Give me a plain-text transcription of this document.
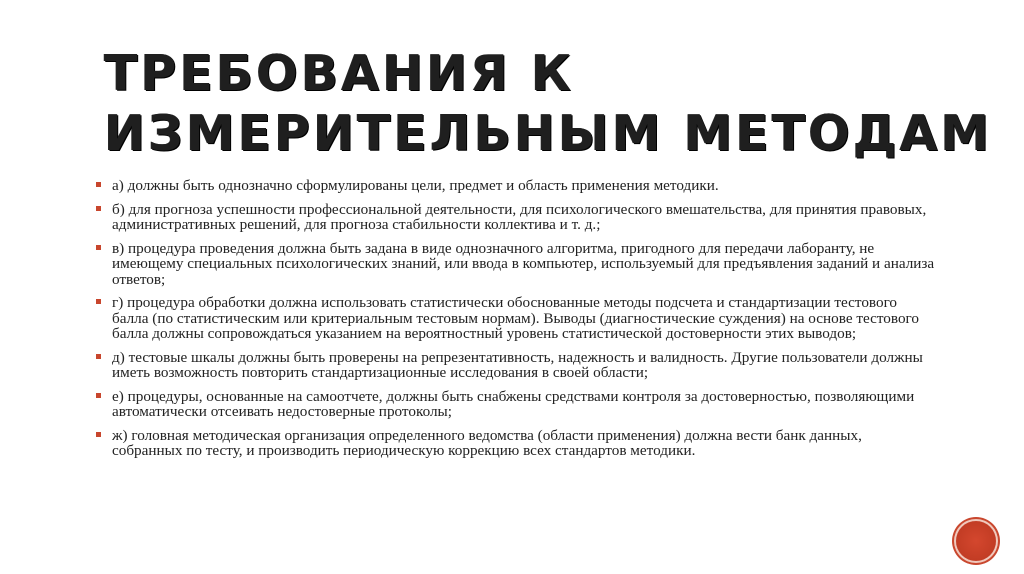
ТРЕБОВАНИЯ К
ИЗМЕРИТЕЛЬНЫМ МЕТОДАМ
а) должны быть однозначно сформулированы цели, предмет и область применения методики.
б) для прогноза успешности профессиональной деятельности, для психологического вмешательства, для принятия правовых, административных решений, для прогноза стабильности коллектива и т. д.;
в) процедура проведения должна быть задана в виде однозначного алгоритма, пригодного для передачи лаборанту, не имеющему специальных психологических знаний, или ввода в компьютер, используемый для предъявления заданий и анализа ответов;
г) процедура обработки должна использовать статистически обоснованные методы подсчета и стандартизации тестового балла (по статистическим или критериальным тестовым нормам). Выводы (диагностические суждения) на основе тестового балла должны сопровождаться указанием на вероятностный уровень статистической достоверности этих выводов;
д) тестовые шкалы должны быть проверены на репрезентативность, надежность и валидность. Другие пользователи должны иметь возможность повторить стандартизационные исследования в своей области;
е) процедуры, основанные на самоотчете, должны быть снабжены средствами контроля за достоверностью, позволяющими автоматически отсеивать недостоверные протоколы;
ж) головная методическая организация определенного ведомства (области применения) должна вести банк данных, собранных по тесту, и производить периодическую коррекцию всех стандартов методики.
